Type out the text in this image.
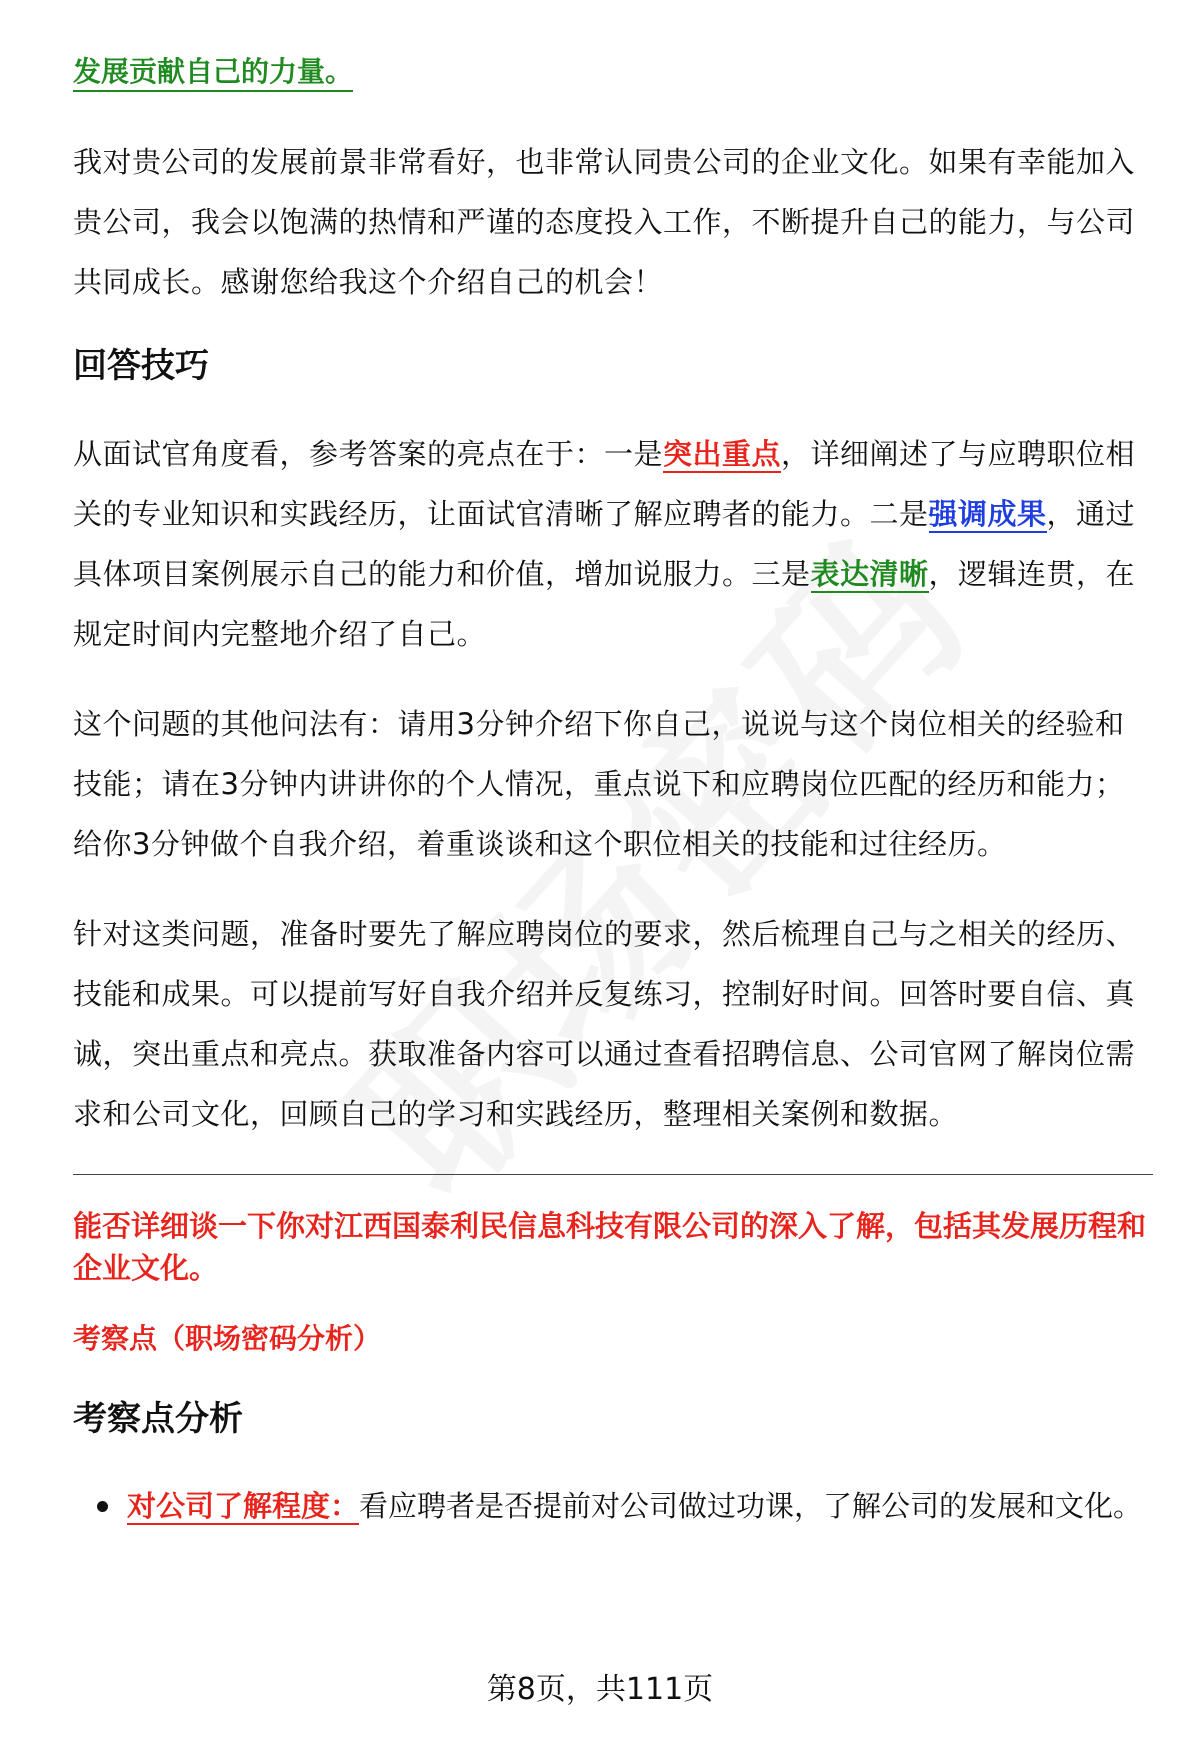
发展贡献自己的力量。

我对贵公司的发展前景非常看好，也非常认同贵公司的企业文化。如果有幸能加入贵公司，我会以饱满的热情和严谨的态度投入工作，不断提升自己的能力，与公司共同成长。感谢您给我这个介绍自己的机会！

回答技巧

从面试官角度看，参考答案的亮点在于：一是突出重点，详细阐述了与应聘职位相关的专业知识和实践经历，让面试官清晰了解应聘者的能力。二是强调成果，通过具体项目案例展示自己的能力和价值，增加说服力。三是表达清晰，逻辑连贯，在规定时间内完整地介绍了自己。

这个问题的其他问法有：请用3分钟介绍下你自己，说说与这个岗位相关的经验和技能；请在3分钟内讲讲你的个人情况，重点说下和应聘岗位匹配的经历和能力；给你3分钟做个自我介绍，着重谈谈和这个职位相关的技能和过往经历。

针对这类问题，准备时要先了解应聘岗位的要求，然后梳理自己与之相关的经历、技能和成果。可以提前写好自我介绍并反复练习，控制好时间。回答时要自信、真诚，突出重点和亮点。获取准备内容可以通过查看招聘信息、公司官网了解岗位需求和公司文化，回顾自己的学习和实践经历，整理相关案例和数据。

能否详细谈一下你对江西国泰利民信息科技有限公司的深入了解，包括其发展历程和企业文化。
考察点（职场密码分析）
考察点分析
对公司了解程度：看应聘者是否提前对公司做过功课，了解公司的发展和文化。
第8页，共111页
